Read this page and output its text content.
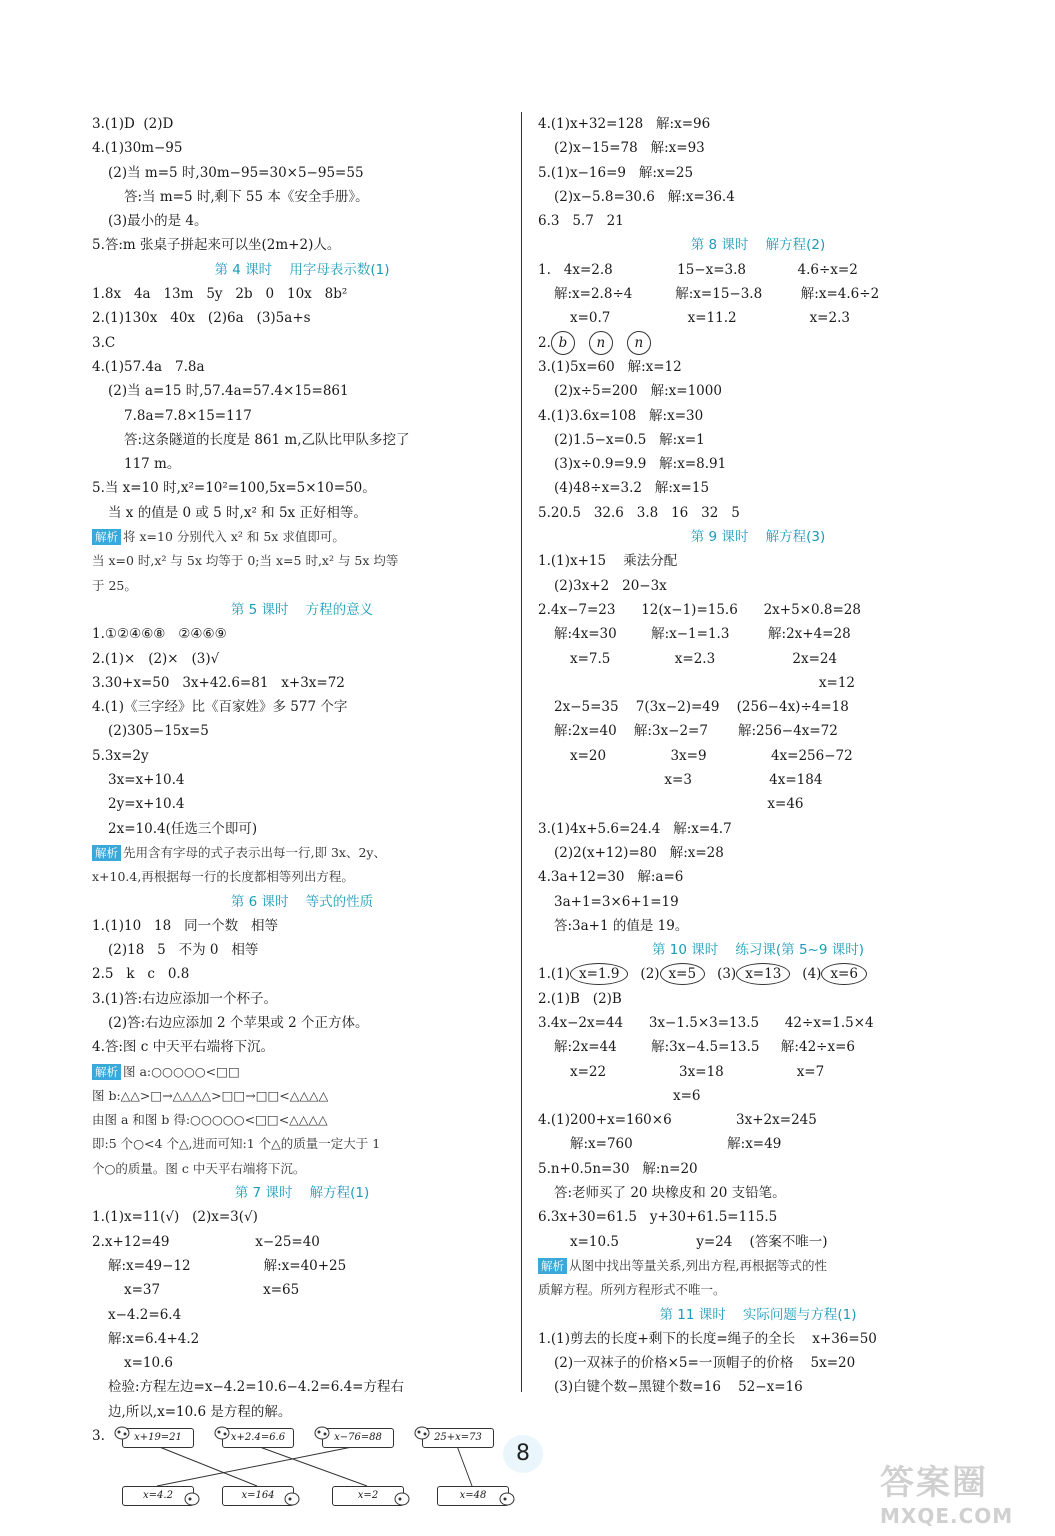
3.(1)D  (2)D
4.(1)30m−95
(2)当 m=5 时,30m−95=30×5−95=55
答:当 m=5 时,剩下 55 本《安全手册》。
(3)最小的是 4。
5.答:m 张桌子拼起来可以坐(2m+2)人。
第 4 课时    用字母表示数(1)
1.8x   4a   13m   5y   2b   0   10x   8b²
2.(1)130x   40x   (2)6a   (3)5a+s
3.C
4.(1)57.4a   7.8a
(2)当 a=15 时,57.4a=57.4×15=861
7.8a=7.8×15=117
答:这条隧道的长度是 861 m,乙队比甲队多挖了
117 m。
5.当 x=10 时,x²=10²=100,5x=5×10=50。
当 x 的值是 0 或 5 时,x² 和 5x 正好相等。
解析 将 x=10 分别代入 x² 和 5x 求值即可。
当 x=0 时,x² 与 5x 均等于 0;当 x=5 时,x² 与 5x 均等
于 25。
第 5 课时    方程的意义
1.①②④⑥⑧   ②④⑥⑨
2.(1)×   (2)×   (3)√
3.30+x=50   3x+42.6=81   x+3x=72
4.(1)《三字经》比《百家姓》多 577 个字
(2)305−15x=5
5.3x=2y
3x=x+10.4
2y=x+10.4
2x=10.4(任选三个即可)
解析 先用含有字母的式子表示出每一行,即 3x、2y、
x+10.4,再根据每一行的长度都相等列出方程。
第 6 课时    等式的性质
1.(1)10   18   同一个数   相等
(2)18   5   不为 0   相等
2.5   k   c   0.8
3.(1)答:右边应添加一个杯子。
(2)答:右边应添加 2 个苹果或 2 个正方体。
4.答:图 c 中天平右端将下沉。
解析 图 a:○○○○○<□□
图 b:△△>□→△△△△>□□→□□<△△△△
由图 a 和图 b 得:○○○○○<□□<△△△△
即:5 个○<4 个△,进而可知:1 个△的质量一定大于 1
个○的质量。图 c 中天平右端将下沉。
第 7 课时    解方程(1)
1.(1)x=11(√)   (2)x=3(√)
2.x+12=49                    x−25=40
解:x=49−12                 解:x=40+25
x=37                        x=65
x−4.2=6.4
解:x=6.4+4.2
x=10.6
检验:方程左边=x−4.2=10.6−4.2=6.4=方程右
边,所以,x=10.6 是方程的解。
3.	x+19=21	x+2.4=6.6	x−76=88	25+x=73
x=4.2	x=164	x=2	x=48
4.(1)x+32=128   解:x=96
(2)x−15=78   解:x=93
5.(1)x−16=9   解:x=25
(2)x−5.8=30.6   解:x=36.4
6.3   5.7   21
第 8 课时    解方程(2)
1.   4x=2.8               15−x=3.8            4.6÷x=2
解:x=2.8÷4          解:x=15−3.8         解:x=4.6÷2
x=0.7                  x=11.2                 x=2.3
2. b n n
3.(1)5x=60   解:x=12
(2)x÷5=200   解:x=1000
4.(1)3.6x=108   解:x=30
(2)1.5−x=0.5   解:x=1
(3)x÷0.9=9.9   解:x=8.91
(4)48÷x=3.2   解:x=15
5.20.5   32.6   3.8   16   32   5
第 9 课时    解方程(3)
1.(1)x+15    乘法分配
(2)3x+2   20−3x
2.4x−7=23      12(x−1)=15.6      2x+5×0.8=28
解:4x=30        解:x−1=1.3         解:2x+4=28
x=7.5               x=2.3                  2x=24
x=12
2x−5=35    7(3x−2)=49    (256−4x)÷4=18
解:2x=40    解:3x−2=7       解:256−4x=72
x=20               3x=9               4x=256−72
x=3                  4x=184
x=46
3.(1)4x+5.6=24.4   解:x=4.7
(2)2(x+12)=80   解:x=28
4.3a+12=30   解:a=6
3a+1=3×6+1=19
答:3a+1 的值是 19。
第 10 课时    练习课(第 5~9 课时)
1.(1) x=1.9 (2) x=5 (3) x=13 (4) x=6
2.(1)B   (2)B
3.4x−2x=44      3x−1.5×3=13.5      42÷x=1.5×4
解:2x=44        解:3x−4.5=13.5     解:42÷x=6
x=22                 3x=18                 x=7
x=6
4.(1)200+x=160×6               3x+2x=245
解:x=760                      解:x=49
5.n+0.5n=30   解:n=20
答:老师买了 20 块橡皮和 20 支铅笔。
6.3x+30=61.5   y+30+61.5=115.5
x=10.5                  y=24    (答案不唯一)
解析 从图中找出等量关系,列出方程,再根据等式的性
质解方程。所列方程形式不唯一。
第 11 课时    实际问题与方程(1)
1.(1)剪去的长度+剩下的长度=绳子的全长    x+36=50
(2)一双袜子的价格×5=一顶帽子的价格    5x=20
(3)白键个数−黑键个数=16    52−x=16
8
答案圈
MXQE.COM
